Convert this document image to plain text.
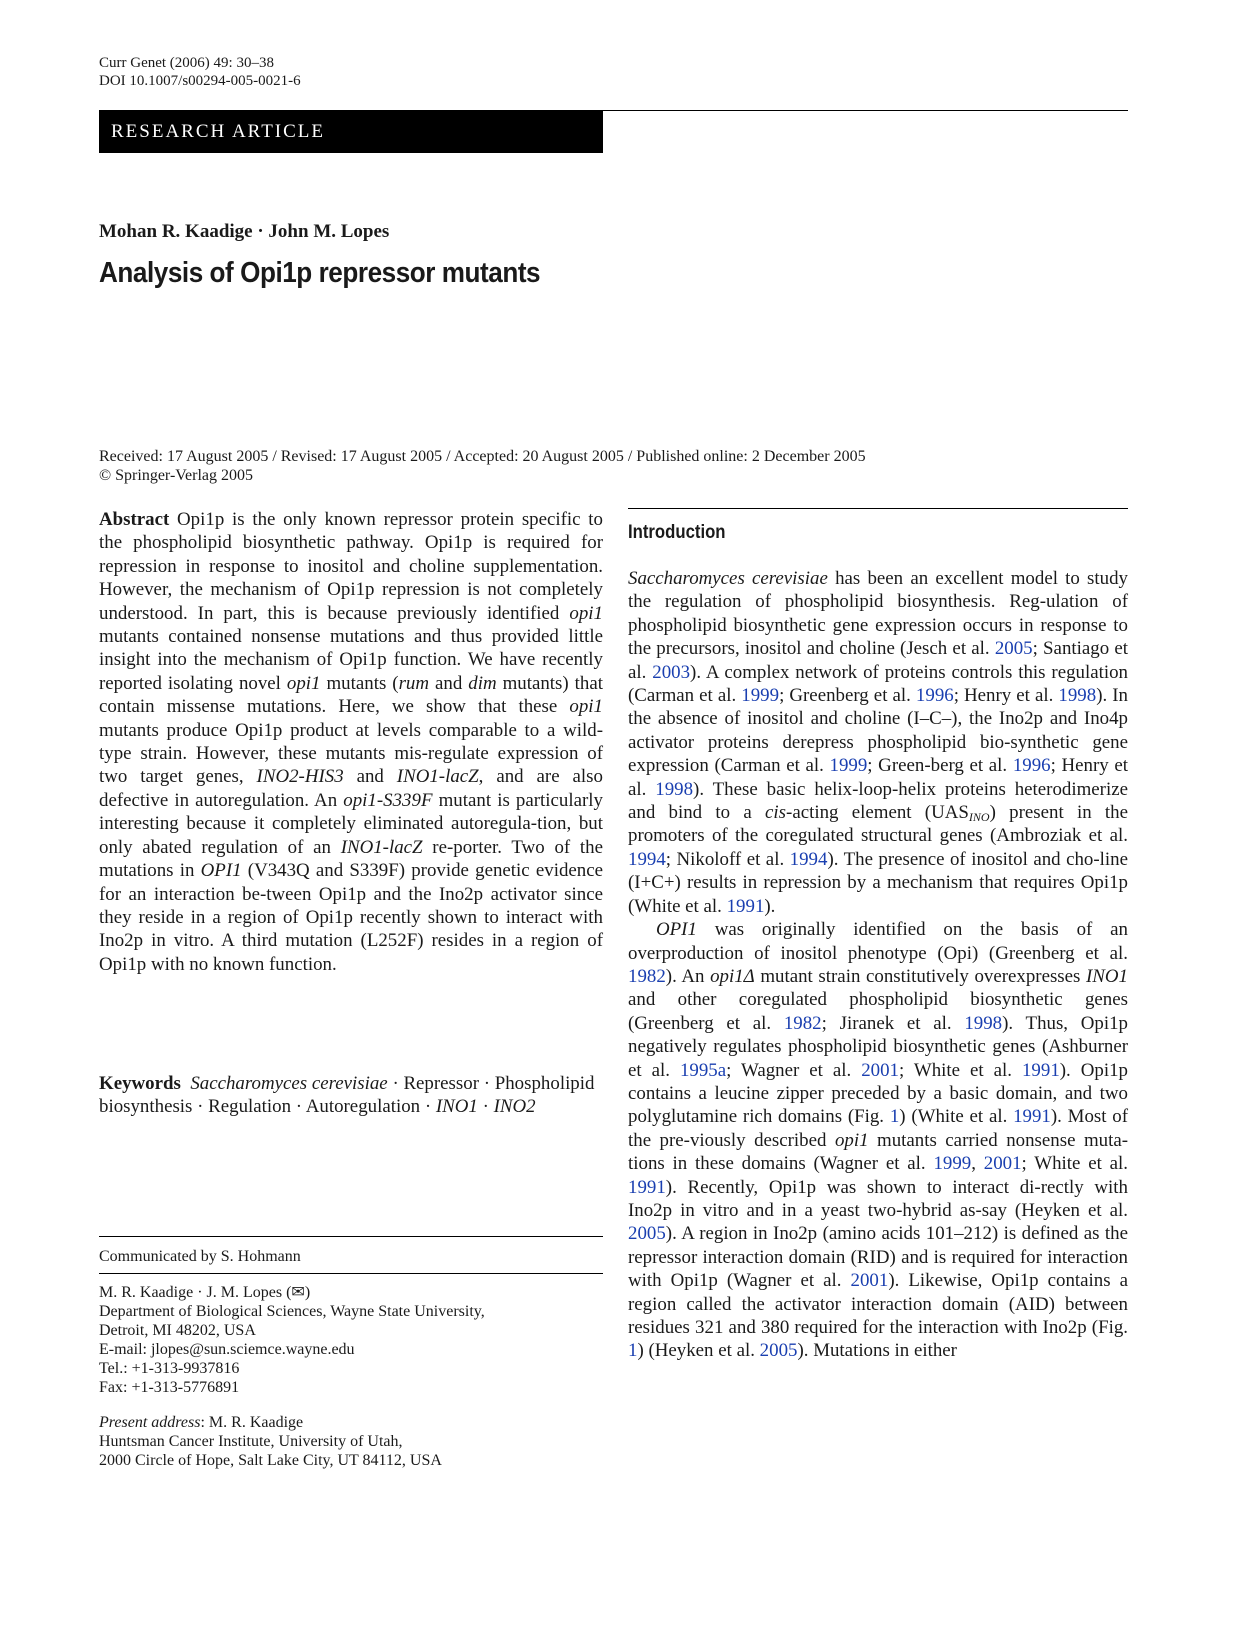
Curr Genet (2006) 49: 30–38
DOI 10.1007/s00294-005-0021-6
RESEARCH ARTICLE
Mohan R. Kaadige · John M. Lopes
Analysis of Opi1p repressor mutants
Received: 17 August 2005 / Revised: 17 August 2005 / Accepted: 20 August 2005 / Published online: 2 December 2005
© Springer-Verlag 2005

Abstract Opi1p is the only known repressor protein specific to the phospholipid biosynthetic pathway. Opi1p is required for repression in response to inositol and choline supplementation. However, the mechanism of Opi1p repression is not completely understood. In part, this is because previously identified opi1 mutants contained nonsense mutations and thus provided little insight into the mechanism of Opi1p function. We have recently reported isolating novel opi1 mutants (rum and dim mutants) that contain missense mutations. Here, we show that these opi1 mutants produce Opi1p product at levels comparable to a wild-type strain. However, these mutants mis-regulate expression of two target genes, INO2-HIS3 and INO1-lacZ, and are also defective in autoregulation. An opi1-S339F mutant is particularly interesting because it completely eliminated autoregula-tion, but only abated regulation of an INO1-lacZ re-porter. Two of the mutations in OPI1 (V343Q and S339F) provide genetic evidence for an interaction be-tween Opi1p and the Ino2p activator since they reside in a region of Opi1p recently shown to interact with Ino2p in vitro. A third mutation (L252F) resides in a region of Opi1p with no known function.

Keywords Saccharomyces cerevisiae · Repressor · Phospholipid biosynthesis · Regulation · Autoregulation · INO1 · INO2
Communicated by S. Hohmann
M. R. Kaadige · J. M. Lopes (✉)
Department of Biological Sciences, Wayne State University,
Detroit, MI 48202, USA
E-mail: jlopes@sun.sciemce.wayne.edu
Tel.: +1-313-9937816
Fax: +1-313-5776891
Present address: M. R. Kaadige
Huntsman Cancer Institute, University of Utah,
2000 Circle of Hope, Salt Lake City, UT 84112, USA
Introduction

Saccharomyces cerevisiae has been an excellent model to study the regulation of phospholipid biosynthesis. Reg-ulation of phospholipid biosynthetic gene expression occurs in response to the precursors, inositol and choline (Jesch et al. 2005; Santiago et al. 2003). A complex network of proteins controls this regulation (Carman et al. 1999; Greenberg et al. 1996; Henry et al. 1998). In the absence of inositol and choline (I–C–), the Ino2p and Ino4p activator proteins derepress phospholipid bio-synthetic gene expression (Carman et al. 1999; Green-berg et al. 1996; Henry et al. 1998). These basic helix-loop-helix proteins heterodimerize and bind to a cis-acting element $(UAS_{INO})$ present in the promoters of the coregulated structural genes (Ambroziak et al. 1994; Nikoloff et al. 1994). The presence of inositol and cho-line (I+C+) results in repression by a mechanism that requires Opi1p (White et al. 1991).

OPI1 was originally identified on the basis of an overproduction of inositol phenotype (Opi) (Greenberg et al. 1982). An opi1Δ mutant strain constitutively overexpresses INO1 and other coregulated phospholipid biosynthetic genes (Greenberg et al. 1982; Jiranek et al. 1998). Thus, Opi1p negatively regulates phospholipid biosynthetic genes (Ashburner et al. 1995a; Wagner et al. 2001; White et al. 1991). Opi1p contains a leucine zipper preceded by a basic domain, and two polyglutamine rich domains (Fig. 1) (White et al. 1991). Most of the pre-viously described opi1 mutants carried nonsense muta-tions in these domains (Wagner et al. 1999, 2001; White et al. 1991). Recently, Opi1p was shown to interact di-rectly with Ino2p in vitro and in a yeast two-hybrid as-say (Heyken et al. 2005). A region in Ino2p (amino acids 101–212) is defined as the repressor interaction domain (RID) and is required for interaction with Opi1p (Wagner et al. 2001). Likewise, Opi1p contains a region called the activator interaction domain (AID) between residues 321 and 380 required for the interaction with Ino2p (Fig. 1) (Heyken et al. 2005). Mutations in either
